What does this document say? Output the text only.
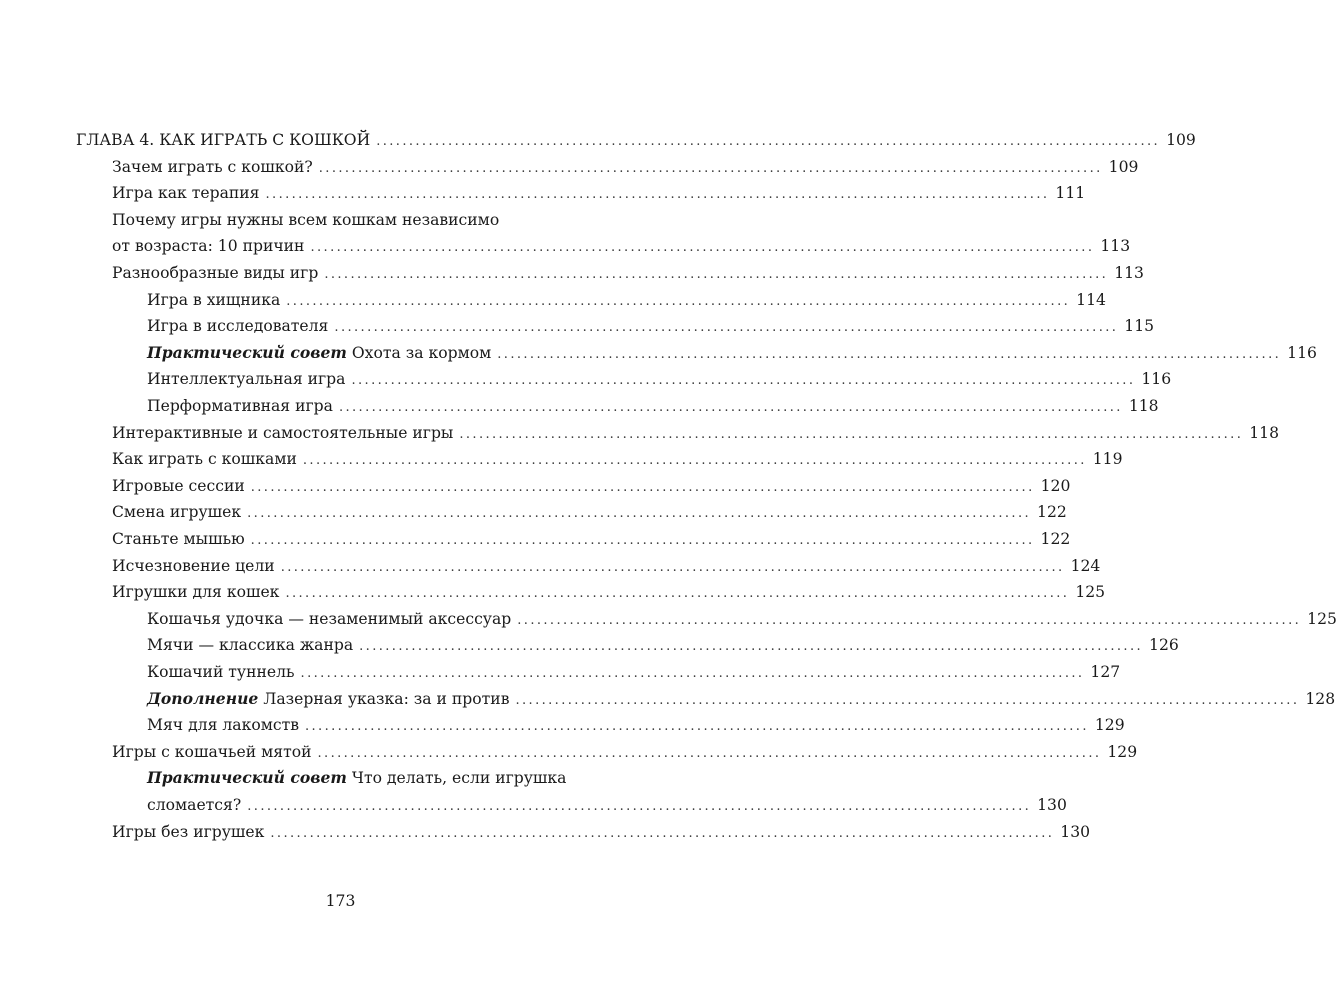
ГЛАВА 4. КАК ИГРАТЬ С КОШКОЙ ........................................................................................................................ 109
Зачем играть с кошкой? ........................................................................................................................ 109
Игра как терапия ........................................................................................................................ 111
Почему игры нужны всем кошкам независимо
от возраста: 10 причин ........................................................................................................................ 113
Разнообразные виды игр ........................................................................................................................ 113
Игра в хищника ........................................................................................................................ 114
Игра в исследователя ........................................................................................................................ 115
Практический совет Охота за кормом ........................................................................................................................ 116
Интеллектуальная игра ........................................................................................................................ 116
Перформативная игра ........................................................................................................................ 118
Интерактивные и самостоятельные игры ........................................................................................................................ 118
Как играть с кошками ........................................................................................................................ 119
Игровые сессии ........................................................................................................................ 120
Смена игрушек ........................................................................................................................ 122
Станьте мышью ........................................................................................................................ 122
Исчезновение цели ........................................................................................................................ 124
Игрушки для кошек ........................................................................................................................ 125
Кошачья удочка — незаменимый аксессуар ........................................................................................................................ 125
Мячи — классика жанра ........................................................................................................................ 126
Кошачий туннель ........................................................................................................................ 127
Дополнение Лазерная указка: за и против ........................................................................................................................ 128
Мяч для лакомств ........................................................................................................................ 129
Игры с кошачьей мятой ........................................................................................................................ 129
Практический совет Что делать, если игрушка
сломается? ........................................................................................................................ 130
Игры без игрушек ........................................................................................................................ 130
173
